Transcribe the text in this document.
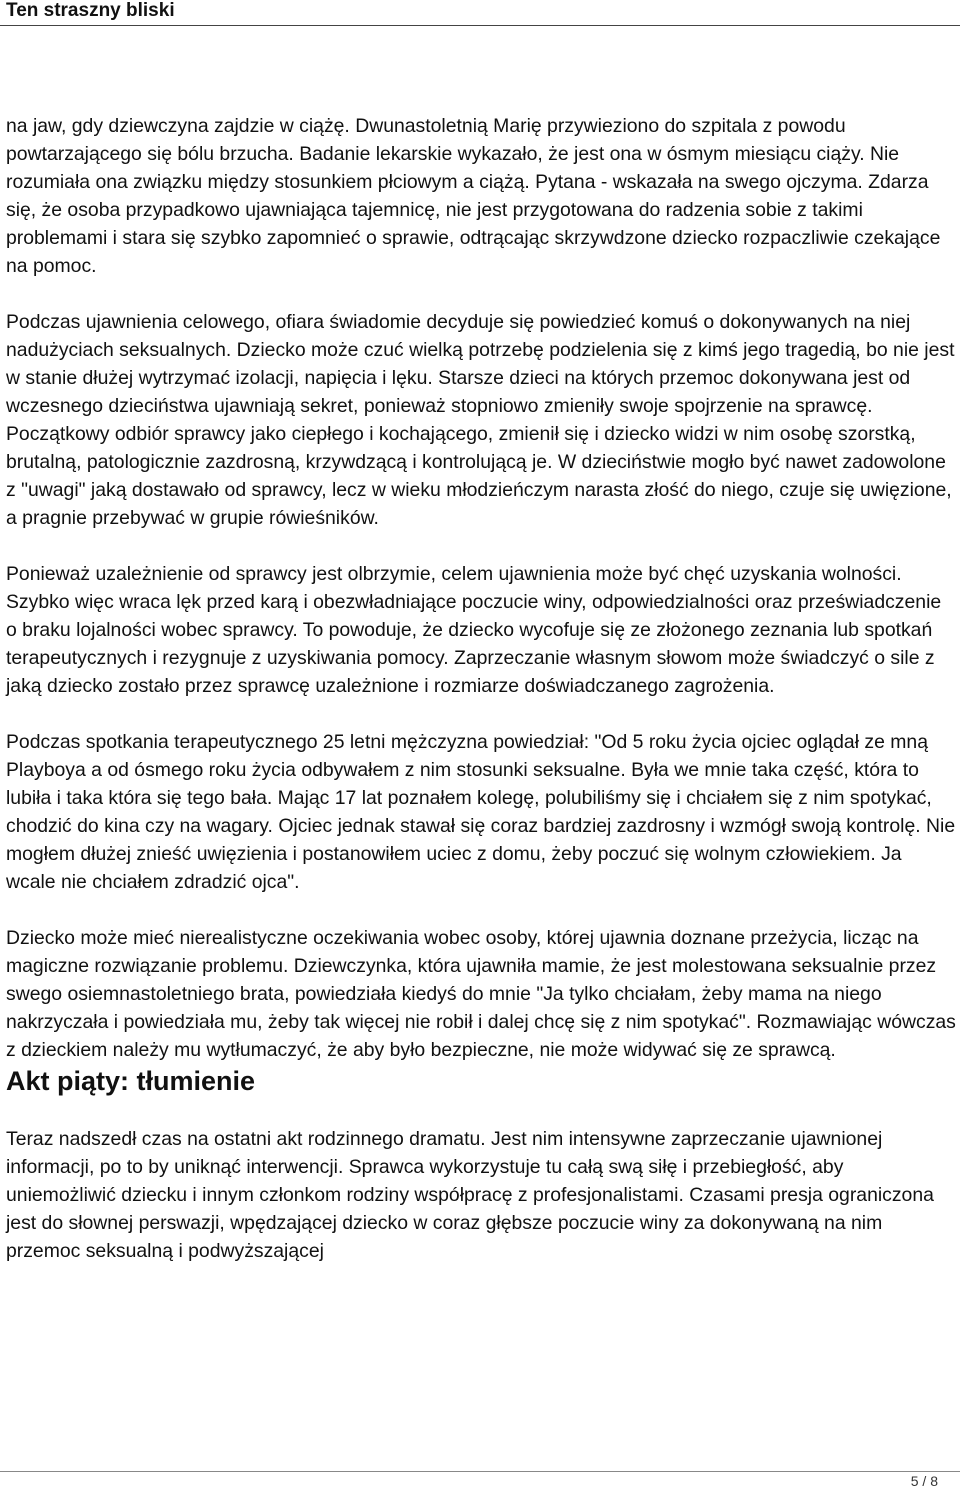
Ten straszny bliski

na jaw, gdy dziewczyna zajdzie w ciążę. Dwunastoletnią Marię przywieziono do szpitala z powodu powtarzającego się bólu brzucha. Badanie lekarskie wykazało, że jest ona w ósmym miesiącu ciąży. Nie rozumiała ona związku między stosunkiem płciowym a ciążą. Pytana - wskazała na swego ojczyma. Zdarza się, że osoba przypadkowo ujawniająca tajemnicę, nie jest przygotowana do radzenia sobie z takimi problemami i stara się szybko zapomnieć o sprawie, odtrącając skrzywdzone dziecko rozpaczliwie czekające na pomoc.

Podczas ujawnienia celowego, ofiara świadomie decyduje się powiedzieć komuś o dokonywanych na niej nadużyciach seksualnych. Dziecko może czuć wielką potrzebę podzielenia się z kimś jego tragedią, bo nie jest w stanie dłużej wytrzymać izolacji, napięcia i lęku. Starsze dzieci na których przemoc dokonywana jest od wczesnego dzieciństwa ujawniają sekret, ponieważ stopniowo zmieniły swoje spojrzenie na sprawcę. Początkowy odbiór sprawcy jako ciepłego i kochającego, zmienił się i dziecko widzi w nim osobę szorstką, brutalną, patologicznie zazdrosną, krzywdzącą i kontrolującą je. W dzieciństwie mogło być nawet zadowolone z "uwagi" jaką dostawało od sprawcy, lecz w wieku młodzieńczym narasta złość do niego, czuje się uwięzione, a pragnie przebywać w grupie rówieśników.

Ponieważ uzależnienie od sprawcy jest olbrzymie, celem ujawnienia może być chęć uzyskania wolności. Szybko więc wraca lęk przed karą i obezwładniające poczucie winy, odpowiedzialności oraz przeświadczenie o braku lojalności wobec sprawcy. To powoduje, że dziecko wycofuje się ze złożonego zeznania lub spotkań terapeutycznych i rezygnuje z uzyskiwania pomocy. Zaprzeczanie własnym słowom może świadczyć o sile z jaką dziecko zostało przez sprawcę uzależnione i rozmiarze doświadczanego zagrożenia.

Podczas spotkania terapeutycznego 25 letni mężczyzna powiedział: "Od 5 roku życia ojciec oglądał ze mną Playboya a od ósmego roku życia odbywałem z nim stosunki seksualne. Była we mnie taka część, która to lubiła i taka która się tego bała. Mając 17 lat poznałem kolegę, polubiliśmy się i chciałem się z nim spotykać, chodzić do kina czy na wagary. Ojciec jednak stawał się coraz bardziej zazdrosny i wzmógł swoją kontrolę. Nie mogłem dłużej znieść uwięzienia i postanowiłem uciec z domu, żeby poczuć się wolnym człowiekiem. Ja wcale nie chciałem zdradzić ojca".

Dziecko może mieć nierealistyczne oczekiwania wobec osoby, której ujawnia doznane przeżycia, licząc na magiczne rozwiązanie problemu. Dziewczynka, która ujawniła mamie, że jest molestowana seksualnie przez swego osiemnastoletniego brata, powiedziała kiedyś do mnie "Ja tylko chciałam, żeby mama na niego nakrzyczała i powiedziała mu, żeby tak więcej nie robił i dalej chcę się z nim spotykać". Rozmawiając wówczas z dzieckiem należy mu wytłumaczyć, że aby było bezpieczne, nie może widywać się ze sprawcą.

Akt piąty: tłumienie

Teraz nadszedł czas na ostatni akt rodzinnego dramatu. Jest nim intensywne zaprzeczanie ujawnionej informacji, po to by uniknąć interwencji. Sprawca wykorzystuje tu całą swą siłę i przebiegłość, aby uniemożliwić dziecku i innym członkom rodziny współpracę z profesjonalistami. Czasami presja ograniczona jest do słownej perswazji, wpędzającej dziecko w coraz głębsze poczucie winy za dokonywaną na nim przemoc seksualną i podwyższającej

5 / 8
